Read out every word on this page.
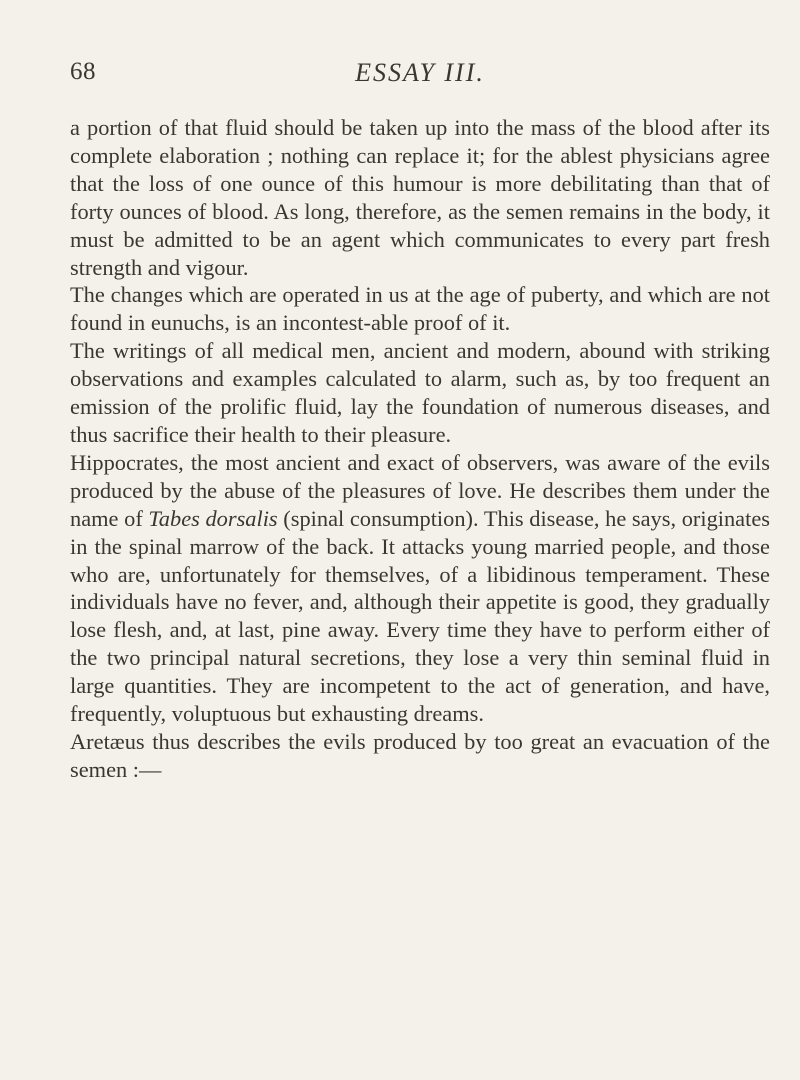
68	ESSAY III.

a portion of that fluid should be taken up into the mass of the blood after its complete elaboration ; nothing can replace it; for the ablest physicians agree that the loss of one ounce of this humour is more debilitating than that of forty ounces of blood. As long, therefore, as the semen remains in the body, it must be admitted to be an agent which communicates to every part fresh strength and vigour.

The changes which are operated in us at the age of puberty, and which are not found in eunuchs, is an incontest-able proof of it.

The writings of all medical men, ancient and modern, abound with striking observations and examples calculated to alarm, such as, by too frequent an emission of the prolific fluid, lay the foundation of numerous diseases, and thus sacrifice their health to their pleasure.

Hippocrates, the most ancient and exact of observers, was aware of the evils produced by the abuse of the pleasures of love. He describes them under the name of Tabes dorsalis (spinal consumption). This disease, he says, originates in the spinal marrow of the back. It attacks young married people, and those who are, unfortunately for themselves, of a libidinous temperament. These individuals have no fever, and, although their appetite is good, they gradually lose flesh, and, at last, pine away. Every time they have to perform either of the two principal natural secretions, they lose a very thin seminal fluid in large quantities. They are incompetent to the act of generation, and have, frequently, voluptuous but exhausting dreams.

Aretæus thus describes the evils produced by too great an evacuation of the semen :—
